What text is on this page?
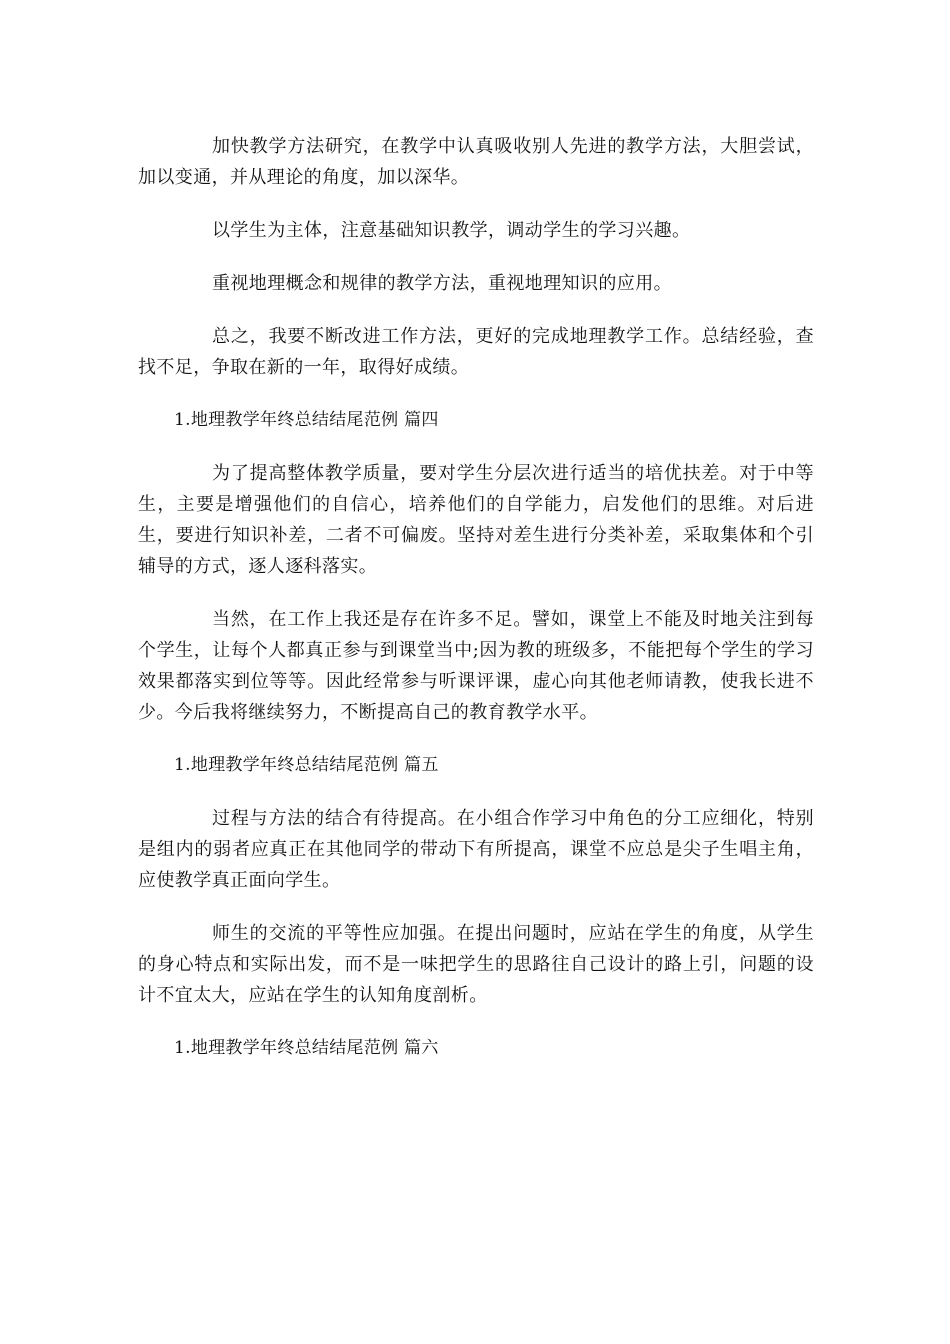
加快教学方法研究，在教学中认真吸收别人先进的教学方法，大胆尝试，加以变通，并从理论的角度，加以深华。

以学生为主体，注意基础知识教学，调动学生的学习兴趣。

重视地理概念和规律的教学方法，重视地理知识的应用。

总之，我要不断改进工作方法，更好的完成地理教学工作。总结经验，查找不足，争取在新的一年，取得好成绩。

1.地理教学年终总结结尾范例 篇四

为了提高整体教学质量，要对学生分层次进行适当的培优扶差。对于中等生，主要是增强他们的自信心，培养他们的自学能力，启发他们的思维。对后进生，要进行知识补差，二者不可偏废。坚持对差生进行分类补差，采取集体和个引辅导的方式，逐人逐科落实。

当然，在工作上我还是存在许多不足。譬如，课堂上不能及时地关注到每个学生，让每个人都真正参与到课堂当中;因为教的班级多，不能把每个学生的学习效果都落实到位等等。因此经常参与听课评课，虚心向其他老师请教，使我长进不少。今后我将继续努力，不断提高自己的教育教学水平。

1.地理教学年终总结结尾范例 篇五

过程与方法的结合有待提高。在小组合作学习中角色的分工应细化，特别是组内的弱者应真正在其他同学的带动下有所提高，课堂不应总是尖子生唱主角，应使教学真正面向学生。

师生的交流的平等性应加强。在提出问题时，应站在学生的角度，从学生的身心特点和实际出发，而不是一味把学生的思路往自己设计的路上引，问题的设计不宜太大，应站在学生的认知角度剖析。

1.地理教学年终总结结尾范例 篇六
